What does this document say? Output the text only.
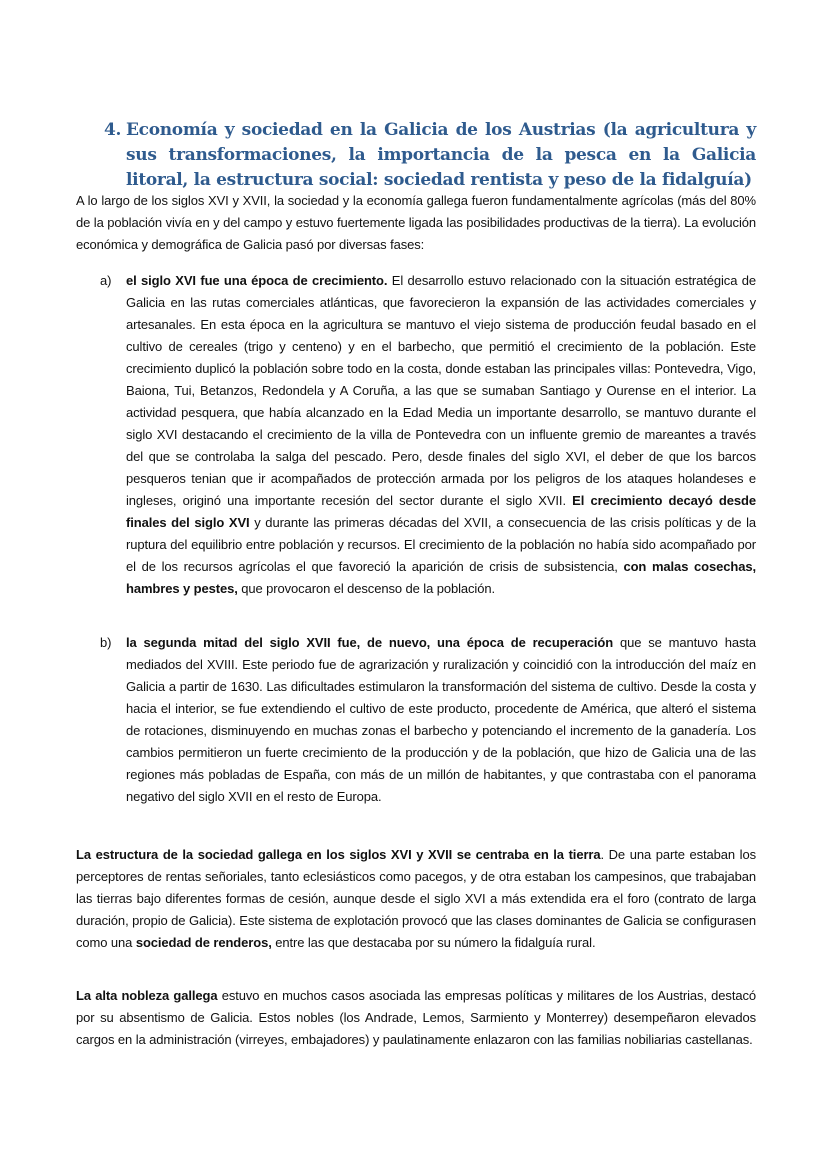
4. Economía y sociedad en la Galicia de los Austrias (la agricultura y sus transformaciones, la importancia de la pesca en la Galicia litoral, la estructura social: sociedad rentista y peso de la fidalguía)

A lo largo de los siglos XVI y XVII, la sociedad y la economía gallega fueron fundamentalmente agrícolas (más del 80% de la población vivía en y del campo y estuvo fuertemente ligada las posibilidades productivas de la tierra). La evolución económica y demográfica de Galicia pasó por diversas fases:

a) el siglo XVI fue una época de crecimiento. El desarrollo estuvo relacionado con la situación estratégica de Galicia en las rutas comerciales atlánticas, que favorecieron la expansión de las actividades comerciales y artesanales. En esta época en la agricultura se mantuvo el viejo sistema de producción feudal basado en el cultivo de cereales (trigo y centeno) y en el barbecho, que permitió el crecimiento de la población. Este crecimiento duplicó la población sobre todo en la costa, donde estaban las principales villas: Pontevedra, Vigo, Baiona, Tui, Betanzos, Redondela y A Coruña, a las que se sumaban Santiago y Ourense en el interior. La actividad pesquera, que había alcanzado en la Edad Media un importante desarrollo, se mantuvo durante el siglo XVI destacando el crecimiento de la villa de Pontevedra con un influente gremio de mareantes a través del que se controlaba la salga del pescado. Pero, desde finales del siglo XVI, el deber de que los barcos pesqueros tenian que ir acompañados de protección armada por los peligros de los ataques holandeses e ingleses, originó una importante recesión del sector durante el siglo XVII. El crecimiento decayó desde finales del siglo XVI y durante las primeras décadas del XVII, a consecuencia de las crisis políticas y de la ruptura del equilibrio entre población y recursos. El crecimiento de la población no había sido acompañado por el de los recursos agrícolas el que favoreció la aparición de crisis de subsistencia, con malas cosechas, hambres y pestes, que provocaron el descenso de la población.
b) la segunda mitad del siglo XVII fue, de nuevo, una época de recuperación que se mantuvo hasta mediados del XVIII. Este periodo fue de agrarización y ruralización y coincidió con la introducción del maíz en Galicia a partir de 1630. Las dificultades estimularon la transformación del sistema de cultivo. Desde la costa y hacia el interior, se fue extendiendo el cultivo de este producto, procedente de América, que alteró el sistema de rotaciones, disminuyendo en muchas zonas el barbecho y potenciando el incremento de la ganadería. Los cambios permitieron un fuerte crecimiento de la producción y de la población, que hizo de Galicia una de las regiones más pobladas de España, con más de un millón de habitantes, y que contrastaba con el panorama negativo del siglo XVII en el resto de Europa.

La estructura de la sociedad gallega en los siglos XVI y XVII se centraba en la tierra. De una parte estaban los perceptores de rentas señoriales, tanto eclesiásticos como pacegos, y de otra estaban los campesinos, que trabajaban las tierras bajo diferentes formas de cesión, aunque desde el siglo XVI a más extendida era el foro (contrato de larga duración, propio de Galicia). Este sistema de explotación provocó que las clases dominantes de Galicia se configurasen como una sociedad de renderos, entre las que destacaba por su número la fidalguía rural.

La alta nobleza gallega estuvo en muchos casos asociada las empresas políticas y militares de los Austrias, destacó por su absentismo de Galicia. Estos nobles (los Andrade, Lemos, Sarmiento y Monterrey) desempeñaron elevados cargos en la administración (virreyes, embajadores) y paulatinamente enlazaron con las familias nobiliarias castellanas.
